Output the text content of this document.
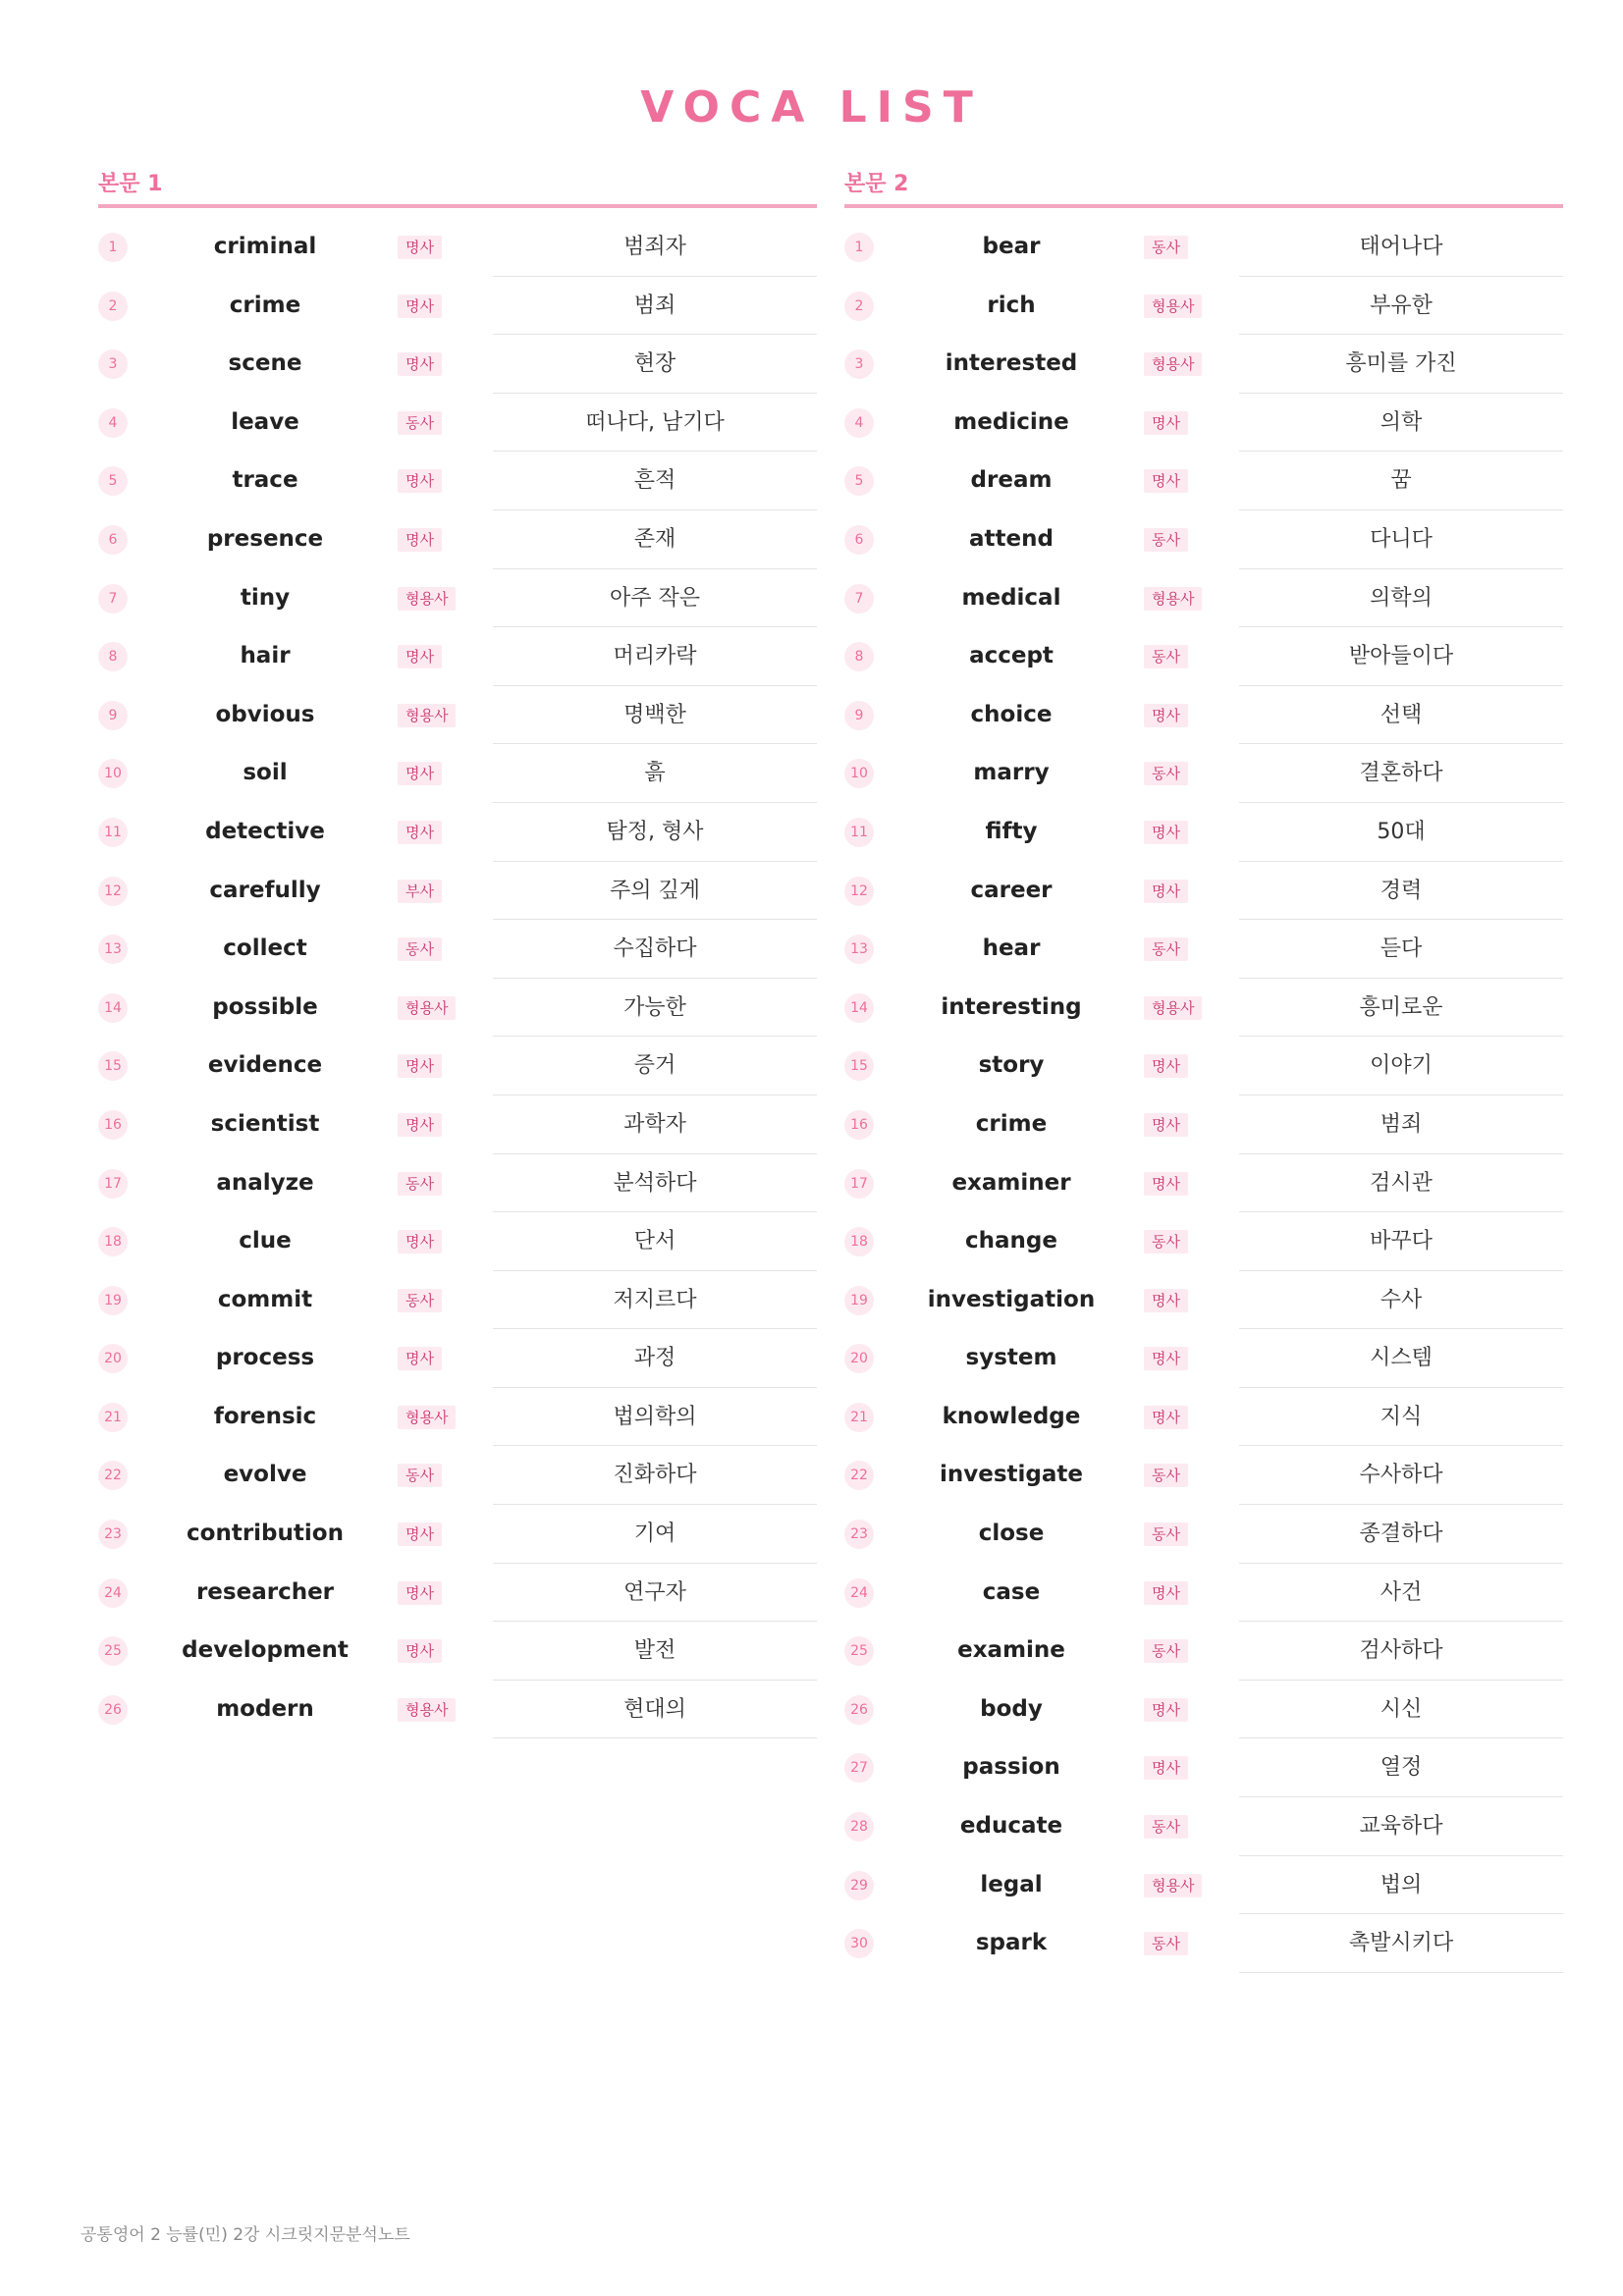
VOCA LIST
본문 1
1	criminal	명사	범죄자
2	crime	명사	범죄
3	scene	명사	현장
4	leave	동사	떠나다, 남기다
5	trace	명사	흔적
6	presence	명사	존재
7	tiny	형용사	아주 작은
8	hair	명사	머리카락
9	obvious	형용사	명백한
10	soil	명사	흙
11	detective	명사	탐정, 형사
12	carefully	부사	주의 깊게
13	collect	동사	수집하다
14	possible	형용사	가능한
15	evidence	명사	증거
16	scientist	명사	과학자
17	analyze	동사	분석하다
18	clue	명사	단서
19	commit	동사	저지르다
20	process	명사	과정
21	forensic	형용사	법의학의
22	evolve	동사	진화하다
23	contribution	명사	기여
24	researcher	명사	연구자
25	development	명사	발전
26	modern	형용사	현대의
본문 2
1	bear	동사	태어나다
2	rich	형용사	부유한
3	interested	형용사	흥미를 가진
4	medicine	명사	의학
5	dream	명사	꿈
6	attend	동사	다니다
7	medical	형용사	의학의
8	accept	동사	받아들이다
9	choice	명사	선택
10	marry	동사	결혼하다
11	fifty	명사	50대
12	career	명사	경력
13	hear	동사	듣다
14	interesting	형용사	흥미로운
15	story	명사	이야기
16	crime	명사	범죄
17	examiner	명사	검시관
18	change	동사	바꾸다
19	investigation	명사	수사
20	system	명사	시스템
21	knowledge	명사	지식
22	investigate	동사	수사하다
23	close	동사	종결하다
24	case	명사	사건
25	examine	동사	검사하다
26	body	명사	시신
27	passion	명사	열정
28	educate	동사	교육하다
29	legal	형용사	법의
30	spark	동사	촉발시키다
공통영어 2 능률(민) 2강 시크릿지문분석노트
